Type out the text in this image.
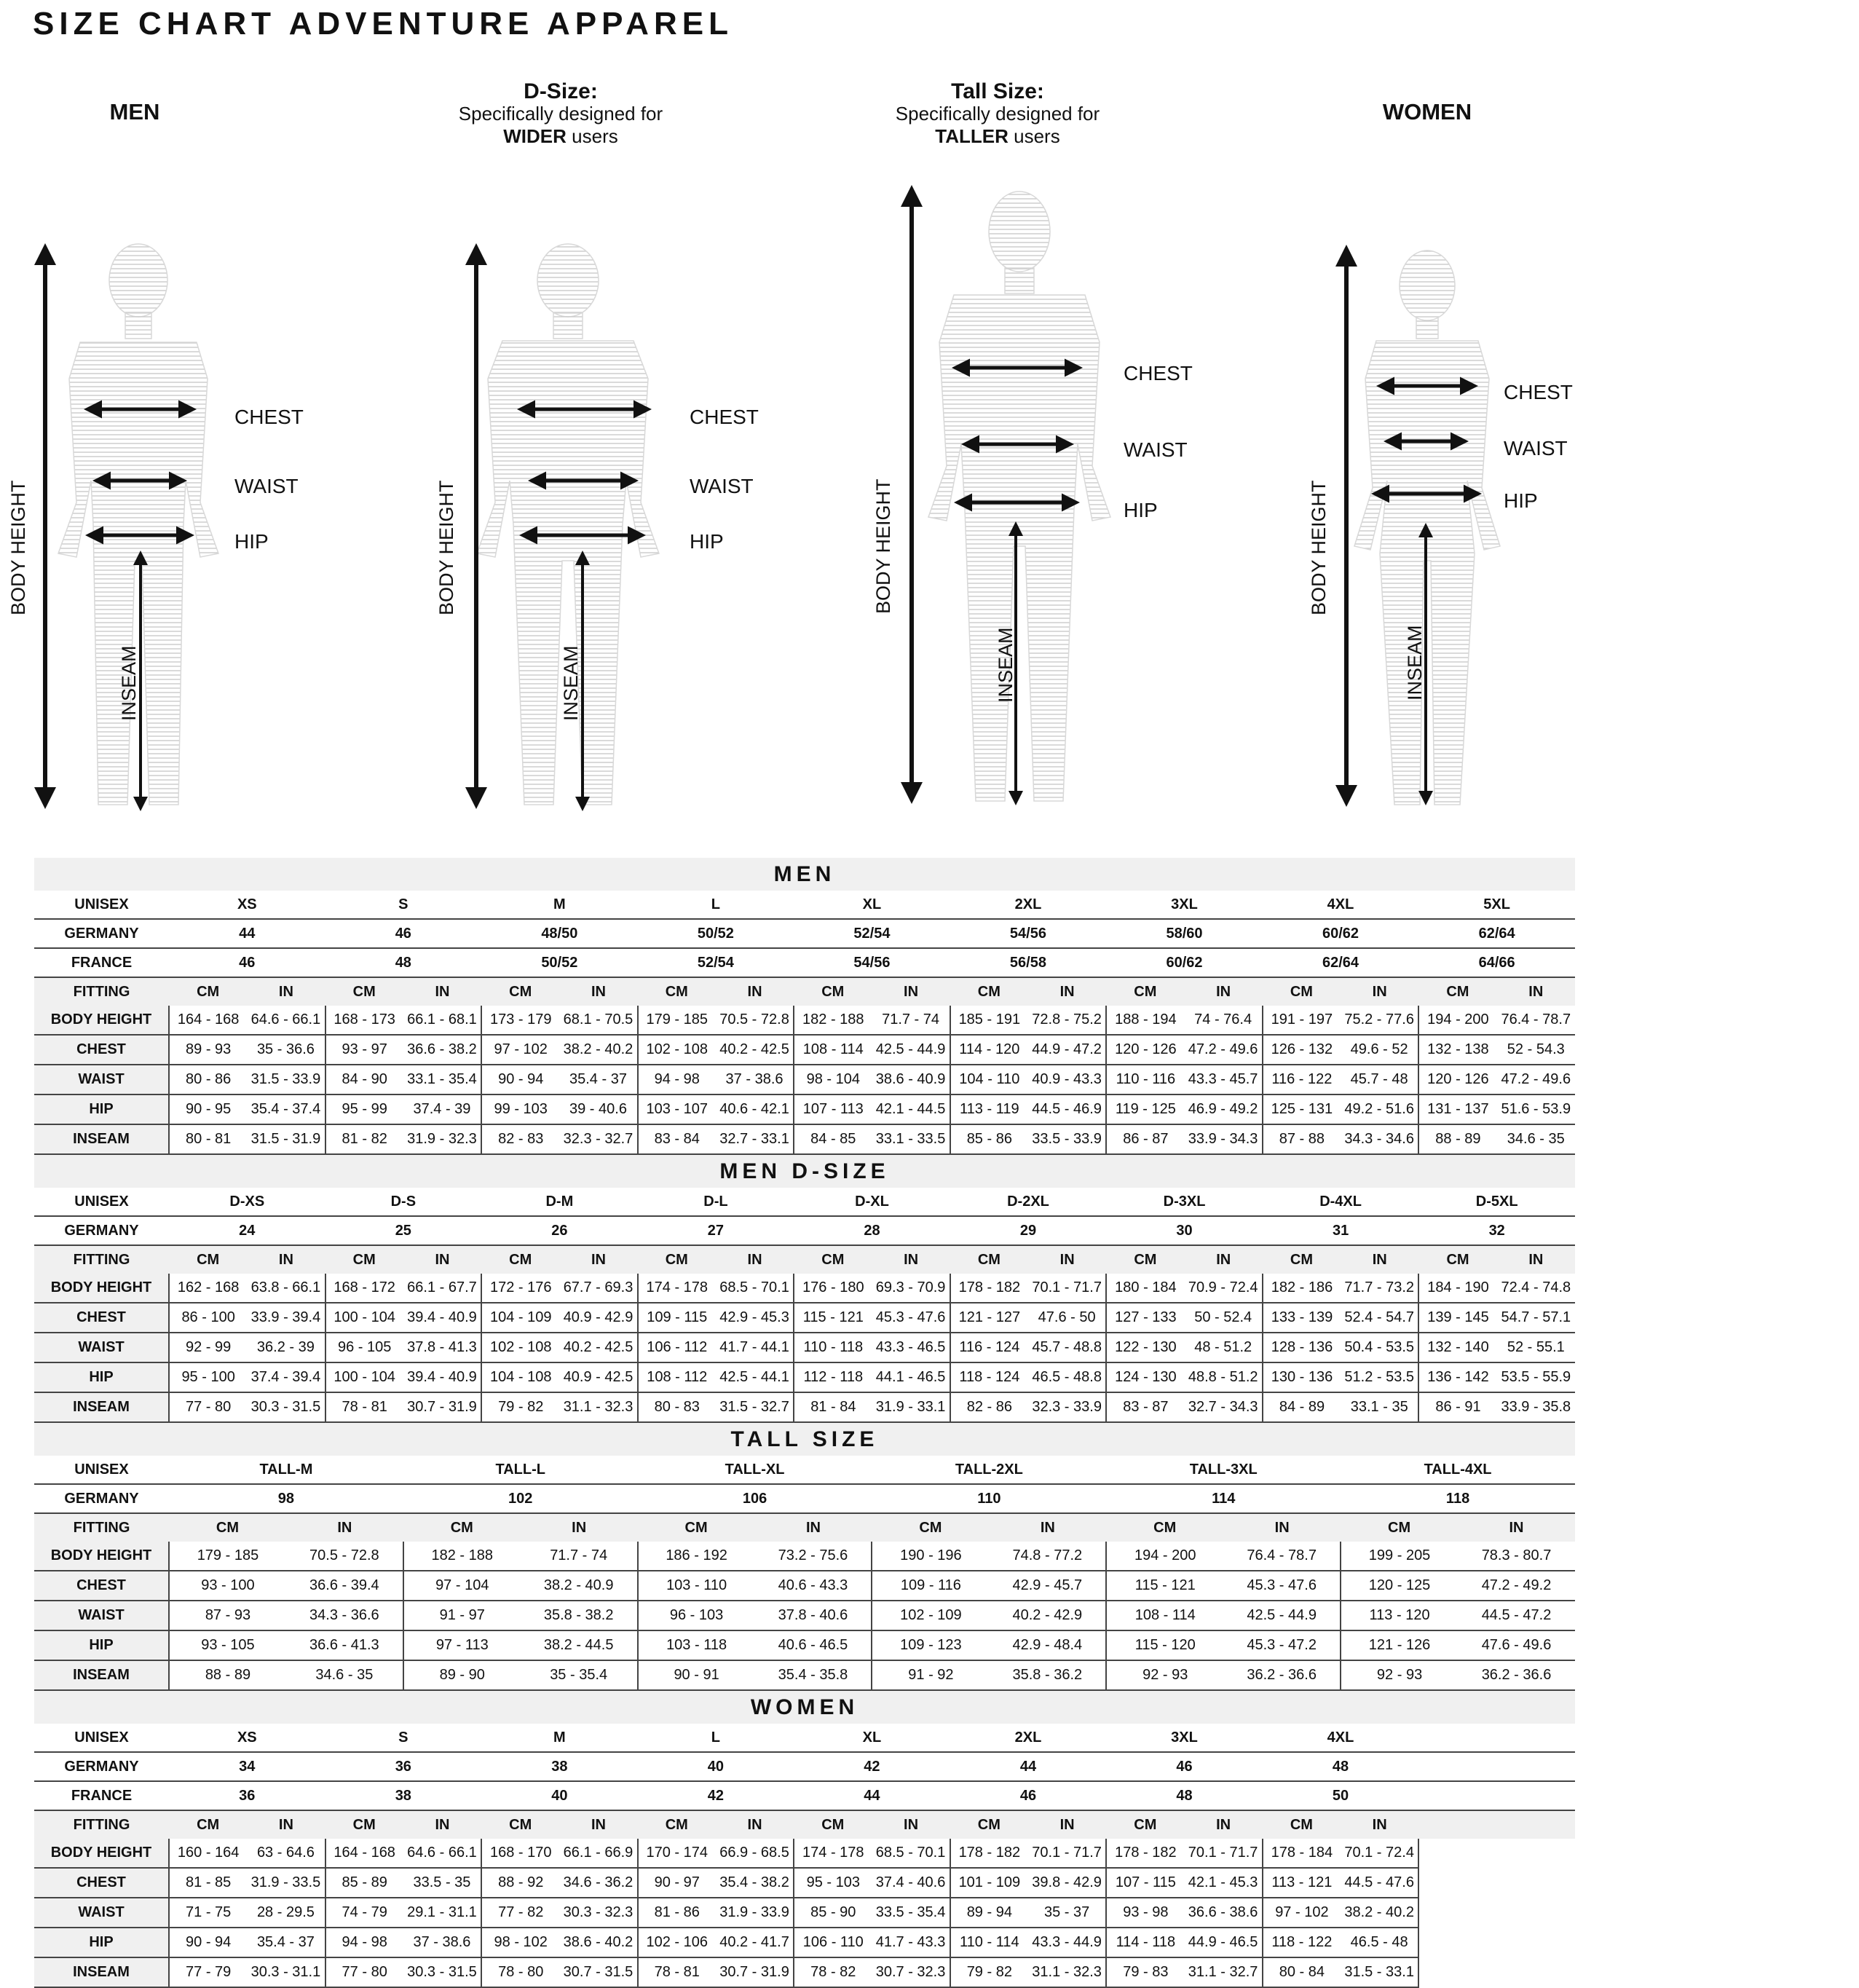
SIZE CHART ADVENTURE APPAREL
MEN
D-Size:
Specifically designed for
WIDER users
Tall Size:
Specifically designed for
TALLER users
WOMEN
CHEST
WAIST
HIP
BODY HEIGHT
INSEAM
CHEST
WAIST
HIP
BODY HEIGHT
INSEAM
CHEST
WAIST
HIP
BODY HEIGHT
INSEAM
CHEST
WAIST
HIP
BODY HEIGHT
INSEAM
MEN
UNISEX	XS		S		M		L		XL		2XL		3XL		4XL		5XL	
GERMANY	44		46		48/50		50/52		52/54		54/56		58/60		60/62		62/64	
FRANCE	46		48		50/52		52/54		54/56		56/58		60/62		62/64		64/66	
FITTING	CM	IN	CM	IN	CM	IN	CM	IN	CM	IN	CM	IN	CM	IN	CM	IN	CM	IN
BODY HEIGHT	164 - 168	64.6 - 66.1	168 - 173	66.1 - 68.1	173 - 179	68.1 - 70.5	179 - 185	70.5 - 72.8	182 - 188	71.7 - 74	185 - 191	72.8 - 75.2	188 - 194	74 - 76.4	191 - 197	75.2 - 77.6	194 - 200	76.4 - 78.7
CHEST	89 - 93	35 - 36.6	93 - 97	36.6 - 38.2	97 - 102	38.2 - 40.2	102 - 108	40.2 - 42.5	108 - 114	42.5 - 44.9	114 - 120	44.9 - 47.2	120 - 126	47.2 - 49.6	126 - 132	49.6 - 52	132 - 138	52 - 54.3
WAIST	80 - 86	31.5 - 33.9	84 - 90	33.1 - 35.4	90 - 94	35.4 - 37	94 - 98	37 - 38.6	98 - 104	38.6 - 40.9	104 - 110	40.9 - 43.3	110 - 116	43.3 - 45.7	116 - 122	45.7 - 48	120 - 126	47.2 - 49.6
HIP	90 - 95	35.4 - 37.4	95 - 99	37.4 - 39	99 - 103	39 - 40.6	103 - 107	40.6 - 42.1	107 - 113	42.1 - 44.5	113 - 119	44.5 - 46.9	119 - 125	46.9 - 49.2	125 - 131	49.2 - 51.6	131 - 137	51.6 - 53.9
INSEAM	80 - 81	31.5 - 31.9	81 - 82	31.9 - 32.3	82 - 83	32.3 - 32.7	83 - 84	32.7 - 33.1	84 - 85	33.1 - 33.5	85 - 86	33.5 - 33.9	86 - 87	33.9 - 34.3	87 - 88	34.3 - 34.6	88 - 89	34.6 - 35
MEN D-SIZE
UNISEX	D-XS		D-S		D-M		D-L		D-XL		D-2XL		D-3XL		D-4XL		D-5XL	
GERMANY	24		25		26		27		28		29		30		31		32	
FITTING	CM	IN	CM	IN	CM	IN	CM	IN	CM	IN	CM	IN	CM	IN	CM	IN	CM	IN
BODY HEIGHT	162 - 168	63.8 - 66.1	168 - 172	66.1 - 67.7	172 - 176	67.7 - 69.3	174 - 178	68.5 - 70.1	176 - 180	69.3 - 70.9	178 - 182	70.1 - 71.7	180 - 184	70.9 - 72.4	182 - 186	71.7 - 73.2	184 - 190	72.4 - 74.8
CHEST	86 - 100	33.9 - 39.4	100 - 104	39.4 - 40.9	104 - 109	40.9 - 42.9	109 - 115	42.9 - 45.3	115 - 121	45.3 - 47.6	121 - 127	47.6 - 50	127 - 133	50 - 52.4	133 - 139	52.4 - 54.7	139 - 145	54.7 - 57.1
WAIST	92 - 99	36.2 - 39	96 - 105	37.8 - 41.3	102 - 108	40.2 - 42.5	106 - 112	41.7 - 44.1	110 - 118	43.3 - 46.5	116 - 124	45.7 - 48.8	122 - 130	48 - 51.2	128 - 136	50.4 - 53.5	132 - 140	52 - 55.1
HIP	95 - 100	37.4 - 39.4	100 - 104	39.4 - 40.9	104 - 108	40.9 - 42.5	108 - 112	42.5 - 44.1	112 - 118	44.1 - 46.5	118 - 124	46.5 - 48.8	124 - 130	48.8 - 51.2	130 - 136	51.2 - 53.5	136 - 142	53.5 - 55.9
INSEAM	77 - 80	30.3 - 31.5	78 - 81	30.7 - 31.9	79 - 82	31.1 - 32.3	80 - 83	31.5 - 32.7	81 - 84	31.9 - 33.1	82 - 86	32.3 - 33.9	83 - 87	32.7 - 34.3	84 - 89	33.1 - 35	86 - 91	33.9 - 35.8
TALL SIZE
UNISEX	TALL-M		TALL-L		TALL-XL		TALL-2XL		TALL-3XL		TALL-4XL	
GERMANY	98		102		106		110		114		118	
FITTING	CM	IN	CM	IN	CM	IN	CM	IN	CM	IN	CM	IN
BODY HEIGHT	179 - 185	70.5 - 72.8	182 - 188	71.7 - 74	186 - 192	73.2 - 75.6	190 - 196	74.8 - 77.2	194 - 200	76.4 - 78.7	199 - 205	78.3 - 80.7
CHEST	93 - 100	36.6 - 39.4	97 - 104	38.2 - 40.9	103 - 110	40.6 - 43.3	109 - 116	42.9 - 45.7	115 - 121	45.3 - 47.6	120 - 125	47.2 - 49.2
WAIST	87 - 93	34.3 - 36.6	91 - 97	35.8 - 38.2	96 - 103	37.8 - 40.6	102 - 109	40.2 - 42.9	108 - 114	42.5 - 44.9	113 - 120	44.5 - 47.2
HIP	93 - 105	36.6 - 41.3	97 - 113	38.2 - 44.5	103 - 118	40.6 - 46.5	109 - 123	42.9 - 48.4	115 - 120	45.3 - 47.2	121 - 126	47.6 - 49.6
INSEAM	88 - 89	34.6 - 35	89 - 90	35 - 35.4	90 - 91	35.4 - 35.8	91 - 92	35.8 - 36.2	92 - 93	36.2 - 36.6	92 - 93	36.2 - 36.6
WOMEN
UNISEX	XS		S		M		L		XL		2XL		3XL		4XL			
GERMANY	34		36		38		40		42		44		46		48			
FRANCE	36		38		40		42		44		46		48		50			
FITTING	CM	IN	CM	IN	CM	IN	CM	IN	CM	IN	CM	IN	CM	IN	CM	IN		
BODY HEIGHT	160 - 164	63 - 64.6	164 - 168	64.6 - 66.1	168 - 170	66.1 - 66.9	170 - 174	66.9 - 68.5	174 - 178	68.5 - 70.1	178 - 182	70.1 - 71.7	178 - 182	70.1 - 71.7	178 - 184	70.1 - 72.4		
CHEST	81 - 85	31.9 - 33.5	85 - 89	33.5 - 35	88 - 92	34.6 - 36.2	90 - 97	35.4 - 38.2	95 - 103	37.4 - 40.6	101 - 109	39.8 - 42.9	107 - 115	42.1 - 45.3	113 - 121	44.5 - 47.6		
WAIST	71 - 75	28 - 29.5	74 - 79	29.1 - 31.1	77 - 82	30.3 - 32.3	81 - 86	31.9 - 33.9	85 - 90	33.5 - 35.4	89 - 94	35 - 37	93 - 98	36.6 - 38.6	97 - 102	38.2 - 40.2		
HIP	90 - 94	35.4 - 37	94 - 98	37 - 38.6	98 - 102	38.6 - 40.2	102 - 106	40.2 - 41.7	106 - 110	41.7 - 43.3	110 - 114	43.3 - 44.9	114 - 118	44.9 - 46.5	118 - 122	46.5 - 48		
INSEAM	77 - 79	30.3 - 31.1	77 - 80	30.3 - 31.5	78 - 80	30.7 - 31.5	78 - 81	30.7 - 31.9	78 - 82	30.7 - 32.3	79 - 82	31.1 - 32.3	79 - 83	31.1 - 32.7	80 - 84	31.5 - 33.1		
